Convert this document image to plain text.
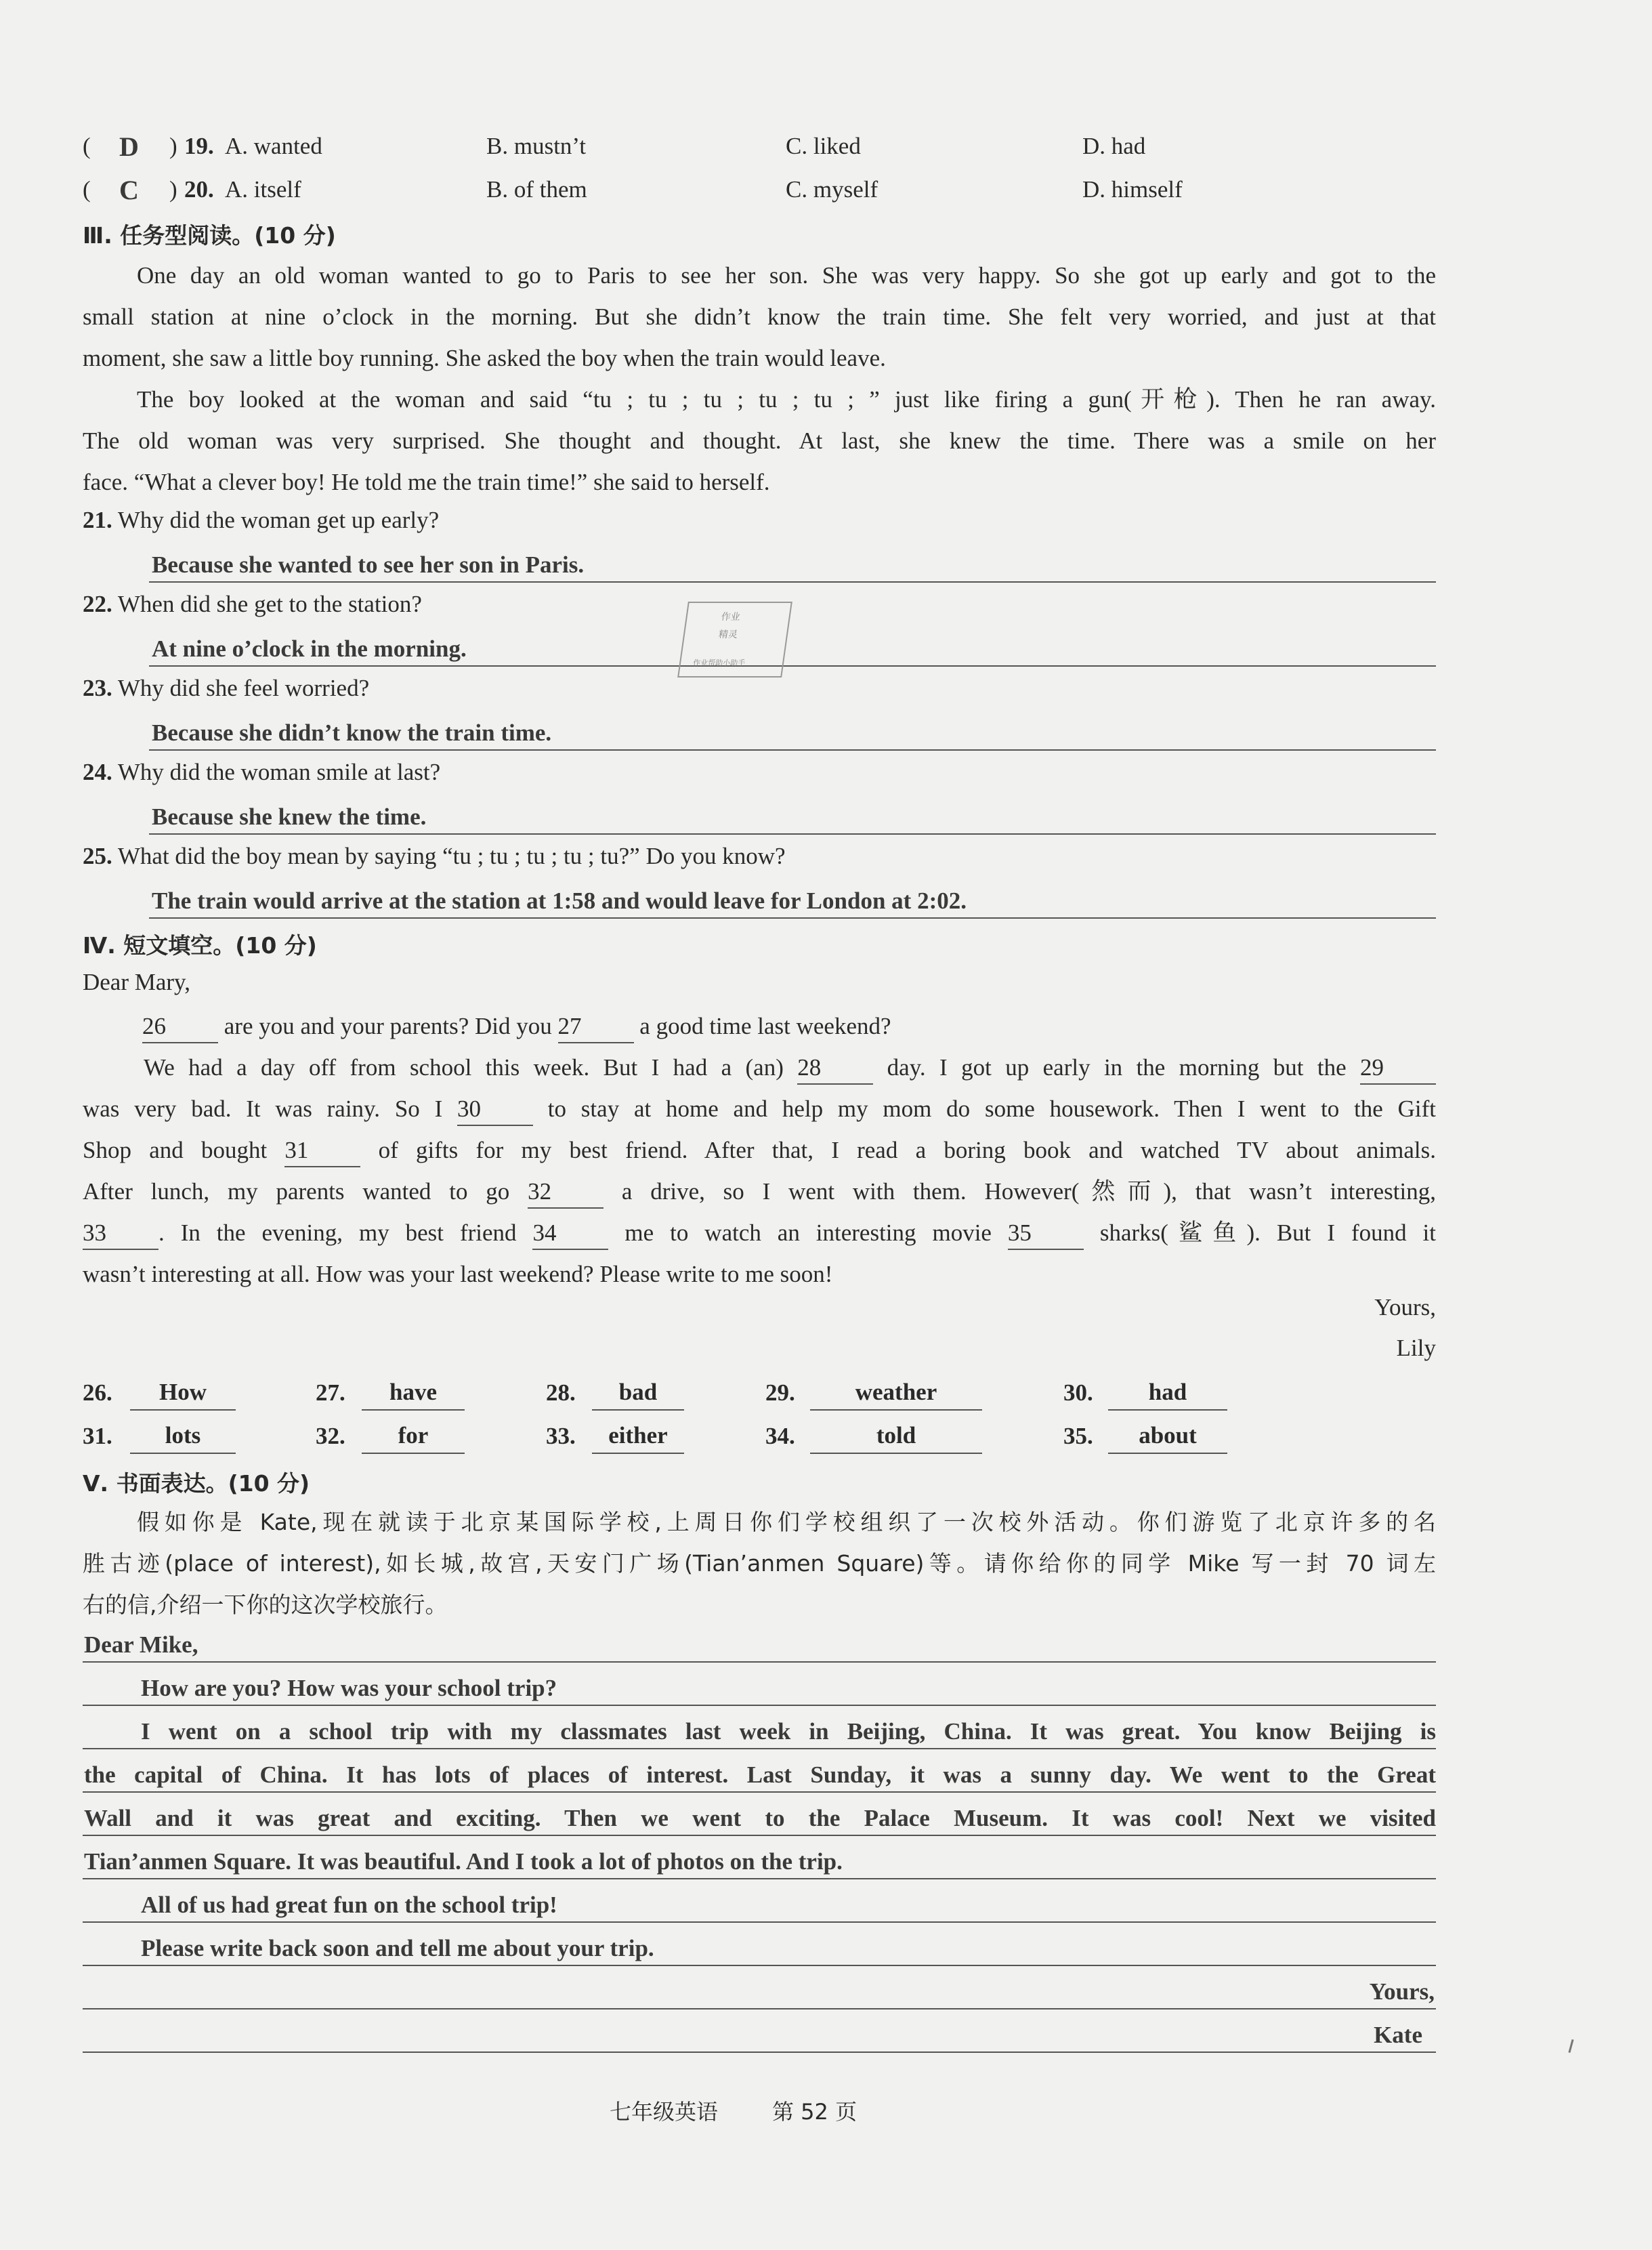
( D ) 19. A. wanted	B. mustn’t	C. liked	D. had
( C ) 20. A. itself	B. of them	C. myself	D. himself
Ⅲ. 任务型阅读。(10 分)
One day an old woman wanted to go to Paris to see her son. She was very happy. So she got up early and got to the
small station at nine o’clock in the morning. But she didn’t know the train time. She felt very worried, and just at that
moment, she saw a little boy running. She asked the boy when the train would leave.
The boy looked at the woman and said “tu ; tu ; tu ; tu ; tu ; ” just like firing a gun(开枪). Then he ran away.
The old woman was very surprised. She thought and thought. At last, she knew the time. There was a smile on her
face. “What a clever boy! He told me the train time!” she said to herself.
21. Why did the woman get up early?
Because she wanted to see her son in Paris.
22. When did she get to the station?
At nine o’clock in the morning.
23. Why did she feel worried?
Because she didn’t know the train time.
24. Why did the woman smile at last?
Because she knew the time.
25. What did the boy mean by saying “tu ; tu ; tu ; tu ; tu?” Do you know?
The train would arrive at the station at 1:58 and would leave for London at 2:02.
作业
精灵
作业帮助小助手
Ⅳ. 短文填空。(10 分)
Dear Mary,
26 are you and your parents? Did you 27 a good time last weekend?
We had a day off from school this week. But I had a (an) 28 day. I got up early in the morning but the 29
was very bad. It was rainy. So I 30 to stay at home and help my mom do some housework. Then I went to the Gift
Shop and bought 31 of gifts for my best friend. After that, I read a boring book and watched TV about animals.
After lunch, my parents wanted to go 32 a drive, so I went with them. However(然而), that wasn’t interesting,
33 . In the evening, my best friend 34 me to watch an interesting movie 35 sharks(鲨鱼). But I found it
wasn’t interesting at all. How was your last weekend? Please write to me soon!
Yours,
Lily
26.	How	27.	have	28.	bad	29.	weather	30.	had
31.	lots	32.	for	33.	either	34.	told	35.	about
Ⅴ. 书面表达。(10 分)
假如你是 Kate,现在就读于北京某国际学校,上周日你们学校组织了一次校外活动。你们游览了北京许多的名
胜古迹(place of interest),如长城,故宫,天安门广场(Tian’anmen Square)等。请你给你的同学 Mike 写一封 70 词左
右的信,介绍一下你的这次学校旅行。
Dear Mike,
How are you? How was your school trip?
I went on a school trip with my classmates last week in Beijing, China. It was great. You know Beijing is
the capital of China. It has lots of places of interest. Last Sunday, it was a sunny day. We went to the Great
Wall and it was great and exciting. Then we went to the Palace Museum. It was cool! Next we visited
Tian’anmen Square. It was beautiful. And I took a lot of photos on the trip.
All of us had great fun on the school trip!
Please write back soon and tell me about your trip.
Yours,
Kate
七年级英语 第 52 页
